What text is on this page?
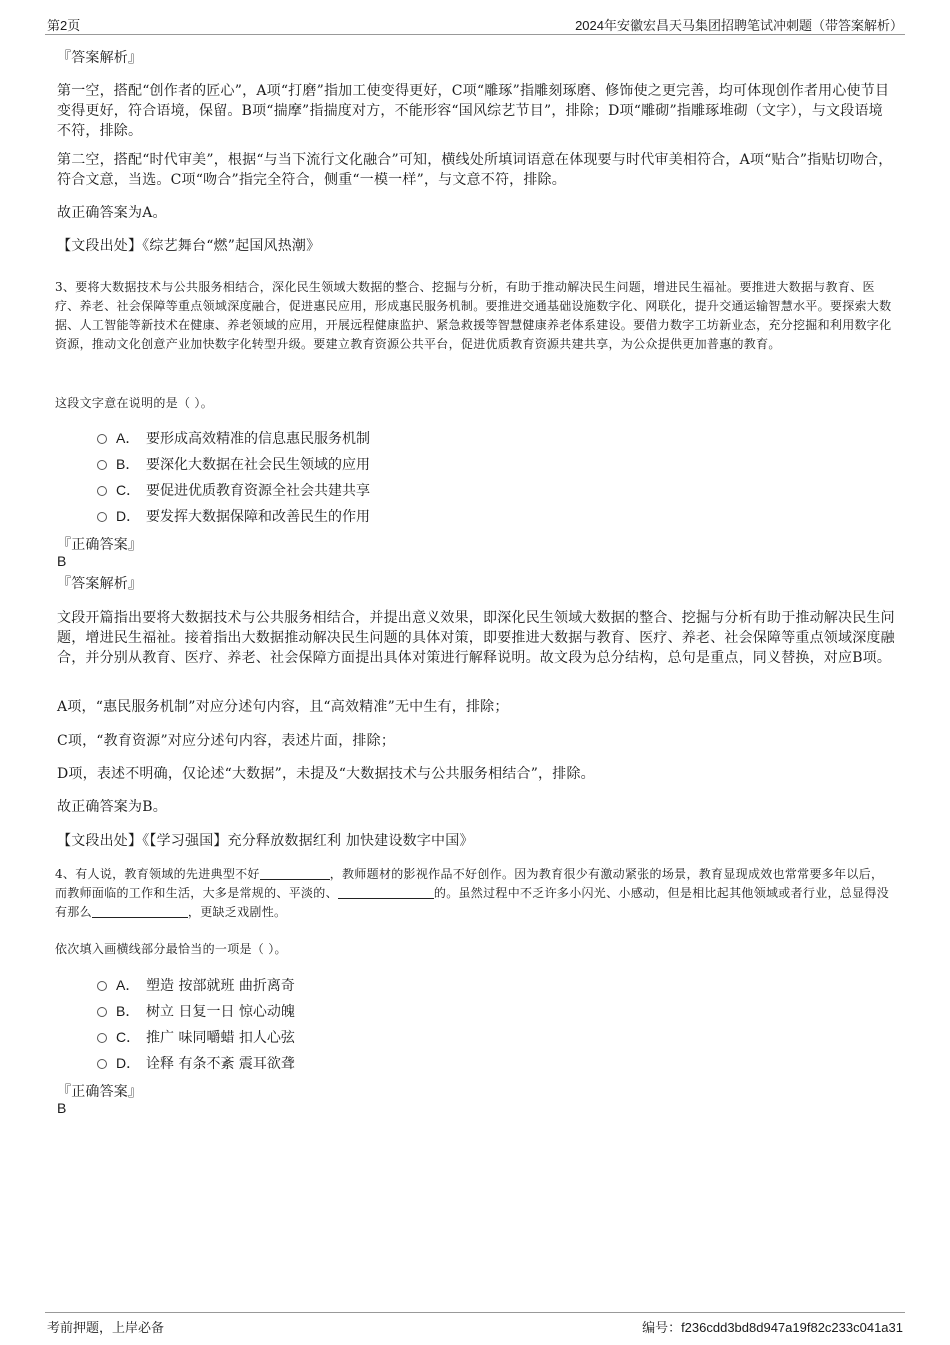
第2页	2024年安徽宏昌天马集团招聘笔试冲刺题（带答案解析）
『答案解析』

第一空，搭配“创作者的匠心”，A项“打磨”指加工使变得更好，C项“雕琢”指雕刻琢磨、修饰使之更完善，均可体现创作者用心使节目变得更好，符合语境，保留。B项“揣摩”指揣度对方，不能形容“国风综艺节目”，排除；D项“雕砌”指雕琢堆砌（文字），与文段语境不符，排除。

第二空，搭配“时代审美”，根据“与当下流行文化融合”可知，横线处所填词语意在体现要与时代审美相符合，A项“贴合”指贴切吻合，符合文意，当选。C项“吻合”指完全符合，侧重“一模一样”，与文意不符，排除。

故正确答案为A。
【文段出处】《综艺舞台“燃”起国风热潮》

3、要将大数据技术与公共服务相结合，深化民生领域大数据的整合、挖掘与分析，有助于推动解决民生问题，增进民生福祉。要推进大数据与教育、医疗、养老、社会保障等重点领域深度融合，促进惠民应用，形成惠民服务机制。要推进交通基础设施数字化、网联化，提升交通运输智慧水平。要探索大数据、人工智能等新技术在健康、养老领域的应用，开展远程健康监护、紧急救援等智慧健康养老体系建设。要借力数字工坊新业态，充分挖掘和利用数字化资源，推动文化创意产业加快数字化转型升级。要建立教育资源公共平台，促进优质教育资源共建共享，为公众提供更加普惠的教育。

这段文字意在说明的是（ ）。
A． 要形成高效精准的信息惠民服务机制
B． 要深化大数据在社会民生领域的应用
C． 要促进优质教育资源全社会共建共享
D． 要发挥大数据保障和改善民生的作用
『正确答案』
B
『答案解析』

文段开篇指出要将大数据技术与公共服务相结合，并提出意义效果，即深化民生领域大数据的整合、挖掘与分析有助于推动解决民生问题，增进民生福祉。接着指出大数据推动解决民生问题的具体对策，即要推进大数据与教育、医疗、养老、社会保障等重点领域深度融合，并分别从教育、医疗、养老、社会保障方面提出具体对策进行解释说明。故文段为总分结构，总句是重点，同义替换，对应B项。

A项，“惠民服务机制”对应分述句内容，且“高效精准”无中生有，排除；
C项，“教育资源”对应分述句内容，表述片面，排除；
D项，表述不明确，仅论述“大数据”，未提及“大数据技术与公共服务相结合”，排除。
故正确答案为B。
【文段出处】《【学习强国】充分释放数据红利 加快建设数字中国》

4、有人说，教育领域的先进典型不好	，教师题材的影视作品不好创作。因为教育很少有激动紧张的场景，教育显现成效也常常要多年以后，而教师面临的工作和生活，大多是常规的、平淡的、	的。虽然过程中不乏许多小闪光、小感动，但是相比起其他领域或者行业，总显得没有那么	，更缺乏戏剧性。

依次填入画横线部分最恰当的一项是（ ）。
A． 塑造 按部就班 曲折离奇
B． 树立 日复一日 惊心动魄
C． 推广 味同嚼蜡 扣人心弦
D． 诠释 有条不紊 震耳欲聋
『正确答案』
B
考前押题，上岸必备	编号：f236cdd3bd8d947a19f82c233c041a31
